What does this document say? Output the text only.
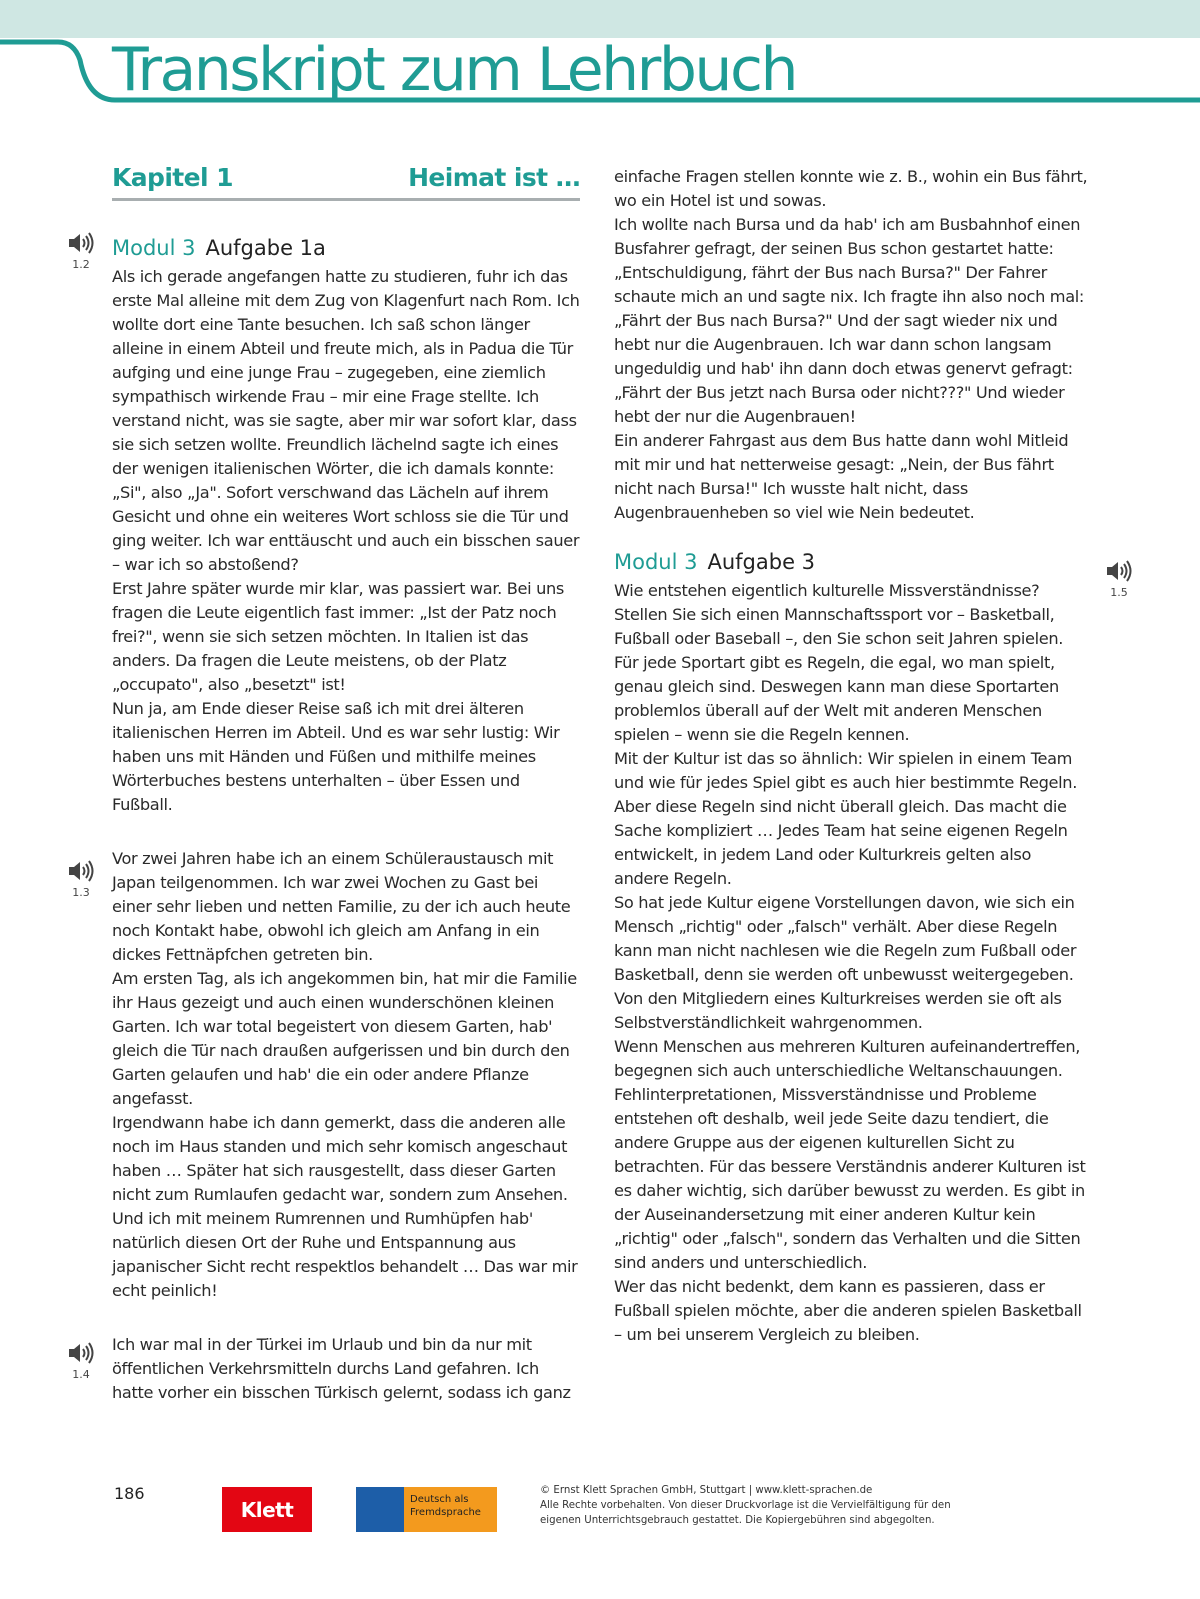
Transkript zum Lehrbuch
Kapitel 1	Heimat ist …
Modul 3 Aufgabe 1a

Als ich gerade angefangen hatte zu studieren, fuhr ich das erste Mal alleine mit dem Zug von Klagenfurt nach Rom. Ich wollte dort eine Tante besuchen. Ich saß schon länger alleine in einem Abteil und freute mich, als in Padua die Tür aufging und eine junge Frau – zugegeben, eine ziemlich sympathisch wirkende Frau – mir eine Frage stellte. Ich verstand nicht, was sie sagte, aber mir war sofort klar, dass sie sich setzen wollte. Freundlich lächelnd sagte ich eines der wenigen italienischen Wörter, die ich damals konnte: „Si", also „Ja". Sofort verschwand das Lächeln auf ihrem Gesicht und ohne ein weiteres Wort schloss sie die Tür und ging weiter. Ich war enttäuscht und auch ein bisschen sauer – war ich so abstoßend?

Erst Jahre später wurde mir klar, was passiert war. Bei uns fragen die Leute eigentlich fast immer: „Ist der Patz noch frei?", wenn sie sich setzen möchten. In Italien ist das anders. Da fragen die Leute meistens, ob der Platz „occupato", also „besetzt" ist!

Nun ja, am Ende dieser Reise saß ich mit drei älteren italienischen Herren im Abteil. Und es war sehr lustig: Wir haben uns mit Händen und Füßen und mithilfe meines Wörterbuches bestens unterhalten – über Essen und Fußball.

Vor zwei Jahren habe ich an einem Schüleraustausch mit Japan teilgenommen. Ich war zwei Wochen zu Gast bei einer sehr lieben und netten Familie, zu der ich auch heute noch Kontakt habe, obwohl ich gleich am Anfang in ein dickes Fettnäpfchen getreten bin.

Am ersten Tag, als ich angekommen bin, hat mir die Familie ihr Haus gezeigt und auch einen wunderschönen kleinen Garten. Ich war total begeistert von diesem Garten, hab' gleich die Tür nach draußen aufgerissen und bin durch den Garten gelaufen und hab' die ein oder andere Pflanze angefasst.

Irgendwann habe ich dann gemerkt, dass die anderen alle noch im Haus standen und mich sehr komisch angeschaut haben … Später hat sich rausgestellt, dass dieser Garten nicht zum Rumlaufen gedacht war, sondern zum Ansehen. Und ich mit meinem Rumrennen und Rumhüpfen hab' natürlich diesen Ort der Ruhe und Entspannung aus japanischer Sicht recht respektlos behandelt … Das war mir echt peinlich!

Ich war mal in der Türkei im Urlaub und bin da nur mit öffentlichen Verkehrsmitteln durchs Land gefahren. Ich hatte vorher ein bisschen Türkisch gelernt, sodass ich ganz

einfache Fragen stellen konnte wie z. B., wohin ein Bus fährt, wo ein Hotel ist und sowas.

Ich wollte nach Bursa und da hab' ich am Busbahnhof einen Busfahrer gefragt, der seinen Bus schon gestartet hatte: „Entschuldigung, fährt der Bus nach Bursa?" Der Fahrer schaute mich an und sagte nix. Ich fragte ihn also noch mal: „Fährt der Bus nach Bursa?" Und der sagt wieder nix und hebt nur die Augenbrauen. Ich war dann schon langsam ungeduldig und hab' ihn dann doch etwas genervt gefragt: „Fährt der Bus jetzt nach Bursa oder nicht???" Und wieder hebt der nur die Augenbrauen!

Ein anderer Fahrgast aus dem Bus hatte dann wohl Mitleid mit mir und hat netterweise gesagt: „Nein, der Bus fährt nicht nach Bursa!" Ich wusste halt nicht, dass Augenbrauenheben so viel wie Nein bedeutet.

Modul 3 Aufgabe 3

Wie entstehen eigentlich kulturelle Missverständnisse? Stellen Sie sich einen Mannschaftssport vor – Basketball, Fußball oder Baseball –, den Sie schon seit Jahren spielen. Für jede Sportart gibt es Regeln, die egal, wo man spielt, genau gleich sind. Deswegen kann man diese Sportarten problemlos überall auf der Welt mit anderen Menschen spielen – wenn sie die Regeln kennen.

Mit der Kultur ist das so ähnlich: Wir spielen in einem Team und wie für jedes Spiel gibt es auch hier bestimmte Regeln. Aber diese Regeln sind nicht überall gleich. Das macht die Sache kompliziert … Jedes Team hat seine eigenen Regeln entwickelt, in jedem Land oder Kulturkreis gelten also andere Regeln.

So hat jede Kultur eigene Vorstellungen davon, wie sich ein Mensch „richtig" oder „falsch" verhält. Aber diese Regeln kann man nicht nachlesen wie die Regeln zum Fußball oder Basketball, denn sie werden oft unbewusst weitergegeben. Von den Mitgliedern eines Kulturkreises werden sie oft als Selbstverständlichkeit wahrgenommen.

Wenn Menschen aus mehreren Kulturen aufeinandertreffen, begegnen sich auch unterschiedliche Weltanschauungen.

Fehlinterpretationen, Missverständnisse und Probleme entstehen oft deshalb, weil jede Seite dazu tendiert, die andere Gruppe aus der eigenen kulturellen Sicht zu betrachten. Für das bessere Verständnis anderer Kulturen ist es daher wichtig, sich darüber bewusst zu werden. Es gibt in der Auseinandersetzung mit einer anderen Kultur kein „richtig" oder „falsch", sondern das Verhalten und die Sitten sind anders und unterschiedlich.

Wer das nicht bedenkt, dem kann es passieren, dass er Fußball spielen möchte, aber die anderen spielen Basketball – um bei unserem Vergleich zu bleiben.

1.2
1.3
1.4
1.5
186
Klett	Deutsch als Fremdsprache
© Ernst Klett Sprachen GmbH, Stuttgart | www.klett-sprachen.de
Alle Rechte vorbehalten. Von dieser Druckvorlage ist die Vervielfältigung für den
eigenen Unterrichtsgebrauch gestattet. Die Kopiergebühren sind abgegolten.
